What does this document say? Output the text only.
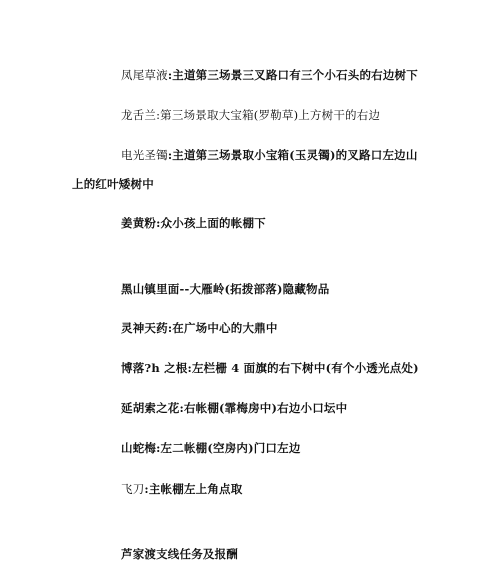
凤尾草液:主道第三场景三叉路口有三个小石头的右边树下
龙舌兰:第三场景取大宝箱(罗勒草)上方树干的右边
电光圣镯:主道第三场景取小宝箱(玉灵镯)的叉路口左边山
上的红叶矮树中
姜黄粉:众小孩上面的帐棚下
黑山镇里面--大雁岭(拓拨部落)隐藏物品
灵神天药:在广场中心的大鼎中
博落?h 之根:左栏栅 4 面旗的右下树中(有个小透光点处)
延胡索之花:右帐棚(霏梅房中)右边小口坛中
山蛇梅:左二帐棚(空房内)门口左边
飞刀:主帐棚左上角点取
芦家渡支线任务及报酬
